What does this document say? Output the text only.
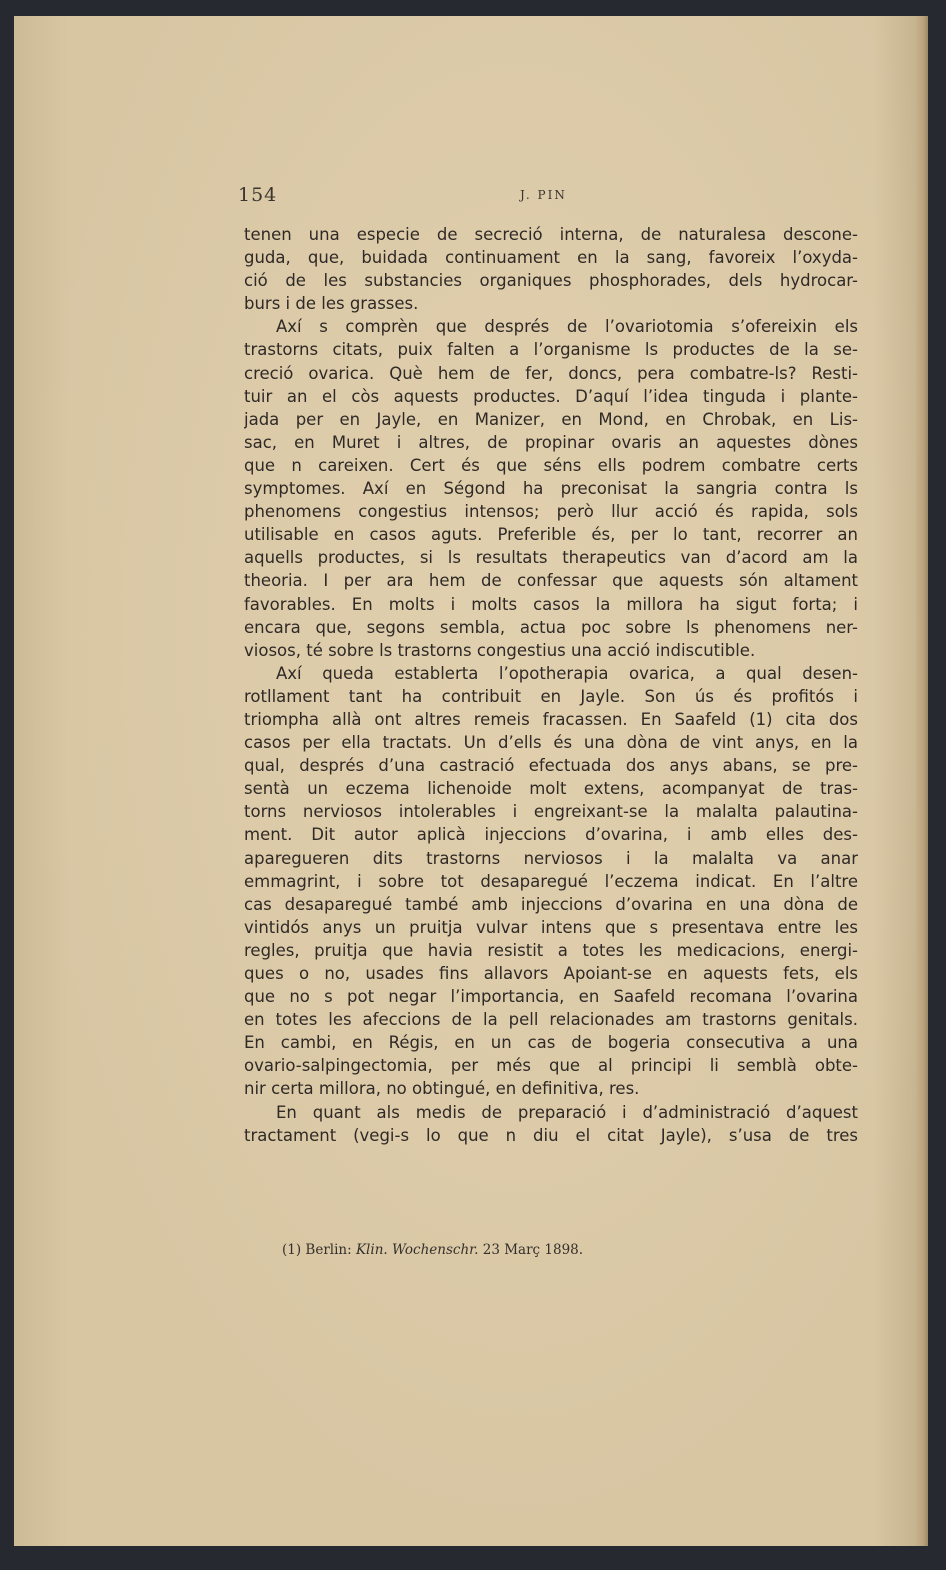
154	J. PIN
tenen una especie de secreció interna, de naturalesa descone-
guda, que, buidada continuament en la sang, favoreix l’oxyda-
ció de les substancies organiques phosphorades, dels hydrocar-
burs i de les grasses.
Axí s comprèn que després de l’ovariotomia s’ofereixin els
trastorns citats, puix falten a l’organisme ls productes de la se-
creció ovarica. Què hem de fer, doncs, pera combatre-ls? Resti-
tuir an el còs aquests productes. D’aquí l’idea tinguda i plante-
jada per en Jayle, en Manizer, en Mond, en Chrobak, en Lis-
sac, en Muret i altres, de propinar ovaris an aquestes dònes
que n careixen. Cert és que séns ells podrem combatre certs
symptomes. Axí en Ségond ha preconisat la sangria contra ls
phenomens congestius intensos; però llur acció és rapida, sols
utilisable en casos aguts. Preferible és, per lo tant, recorrer an
aquells productes, si ls resultats therapeutics van d’acord am la
theoria. I per ara hem de confessar que aquests són altament
favorables. En molts i molts casos la millora ha sigut forta; i
encara que, segons sembla, actua poc sobre ls phenomens ner-
viosos, té sobre ls trastorns congestius una acció indiscutible.
Axí queda establerta l’opotherapia ovarica, a qual desen-
rotllament tant ha contribuit en Jayle. Son ús és profitós i
triompha allà ont altres remeis fracassen. En Saafeld (1) cita dos
casos per ella tractats. Un d’ells és una dòna de vint anys, en la
qual, després d’una castració efectuada dos anys abans, se pre-
sentà un eczema lichenoide molt extens, acompanyat de tras-
torns nerviosos intolerables i engreixant-se la malalta palautina-
ment. Dit autor aplicà injeccions d’ovarina, i amb elles des-
aparegueren dits trastorns nerviosos i la malalta va anar
emmagrint, i sobre tot desaparegué l’eczema indicat. En l’altre
cas desaparegué també amb injeccions d’ovarina en una dòna de
vintidós anys un pruitja vulvar intens que s presentava entre les
regles, pruitja que havia resistit a totes les medicacions, energi-
ques o no, usades fins allavors Apoiant-se en aquests fets, els
que no s pot negar l’importancia, en Saafeld recomana l’ovarina
en totes les afeccions de la pell relacionades am trastorns genitals.
En cambi, en Régis, en un cas de bogeria consecutiva a una
ovario-salpingectomia, per més que al principi li semblà obte-
nir certa millora, no obtingué, en definitiva, res.
En quant als medis de preparació i d’administració d’aquest
tractament (vegi-s lo que n diu el citat Jayle), s’usa de tres
(1) Berlin: Klin. Wochenschr. 23 Març 1898.
